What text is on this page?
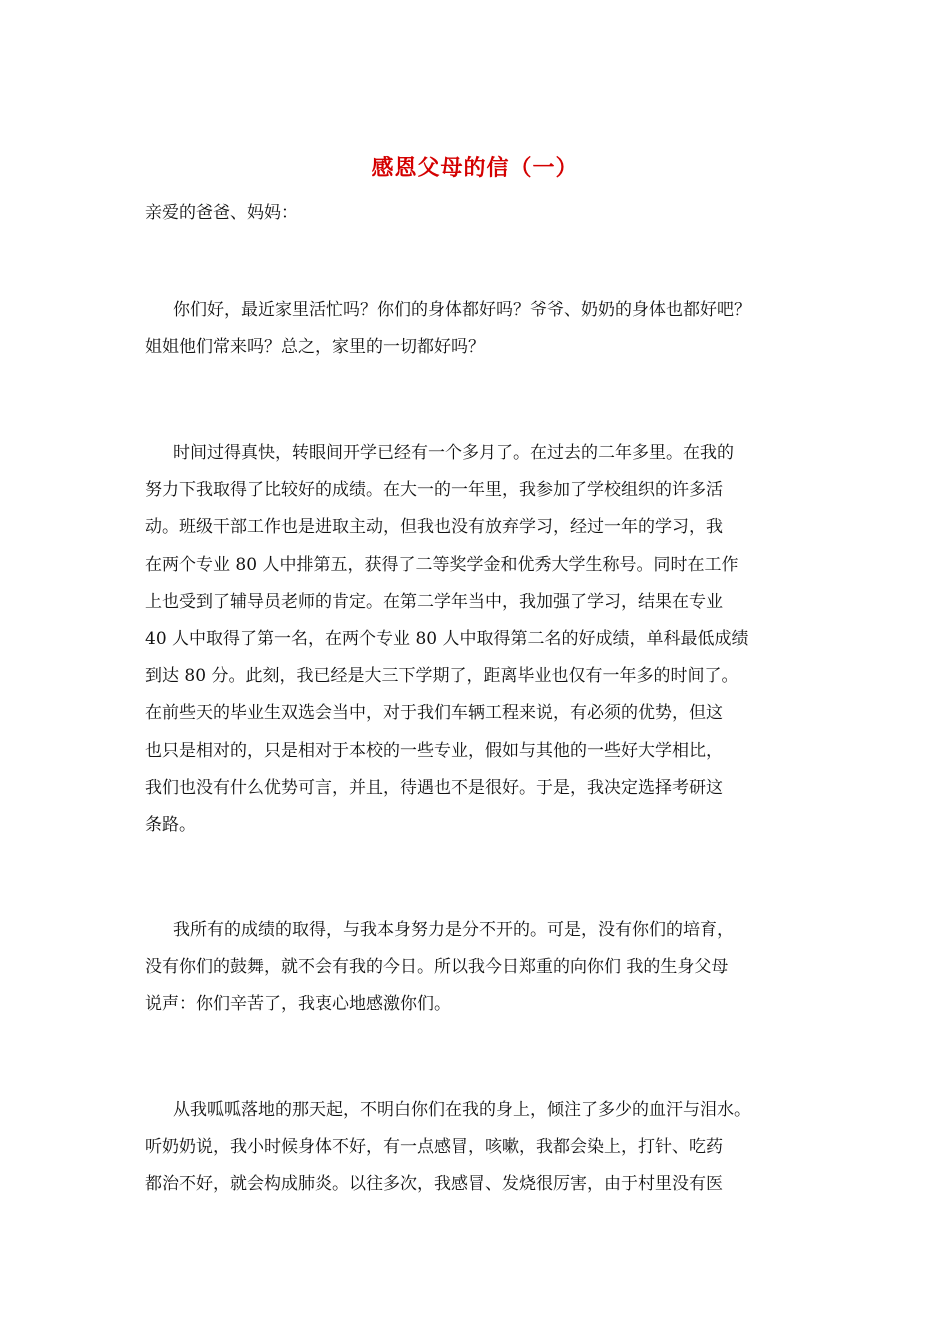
感恩父母的信（一）
亲爱的爸爸、妈妈：
你们好，最近家里活忙吗？你们的身体都好吗？爷爷、奶奶的身体也都好吧？
姐姐他们常来吗？总之，家里的一切都好吗？
时间过得真快，转眼间开学已经有一个多月了。在过去的二年多里。在我的
努力下我取得了比较好的成绩。在大一的一年里，我参加了学校组织的许多活
动。班级干部工作也是进取主动，但我也没有放弃学习，经过一年的学习，我
在两个专业 80 人中排第五，获得了二等奖学金和优秀大学生称号。同时在工作
上也受到了辅导员老师的肯定。在第二学年当中，我加强了学习，结果在专业
40 人中取得了第一名，在两个专业 80 人中取得第二名的好成绩，单科最低成绩
到达 80 分。此刻，我已经是大三下学期了，距离毕业也仅有一年多的时间了。
在前些天的毕业生双选会当中，对于我们车辆工程来说，有必须的优势，但这
也只是相对的，只是相对于本校的一些专业，假如与其他的一些好大学相比，
我们也没有什么优势可言，并且，待遇也不是很好。于是，我决定选择考研这
条路。
我所有的成绩的取得，与我本身努力是分不开的。可是，没有你们的培育，
没有你们的鼓舞，就不会有我的今日。所以我今日郑重的向你们 我的生身父母
说声：你们辛苦了，我衷心地感激你们。
从我呱呱落地的那天起，不明白你们在我的身上，倾注了多少的血汗与泪水。
听奶奶说，我小时候身体不好，有一点感冒，咳嗽，我都会染上，打针、吃药
都治不好，就会构成肺炎。以往多次，我感冒、发烧很厉害，由于村里没有医
